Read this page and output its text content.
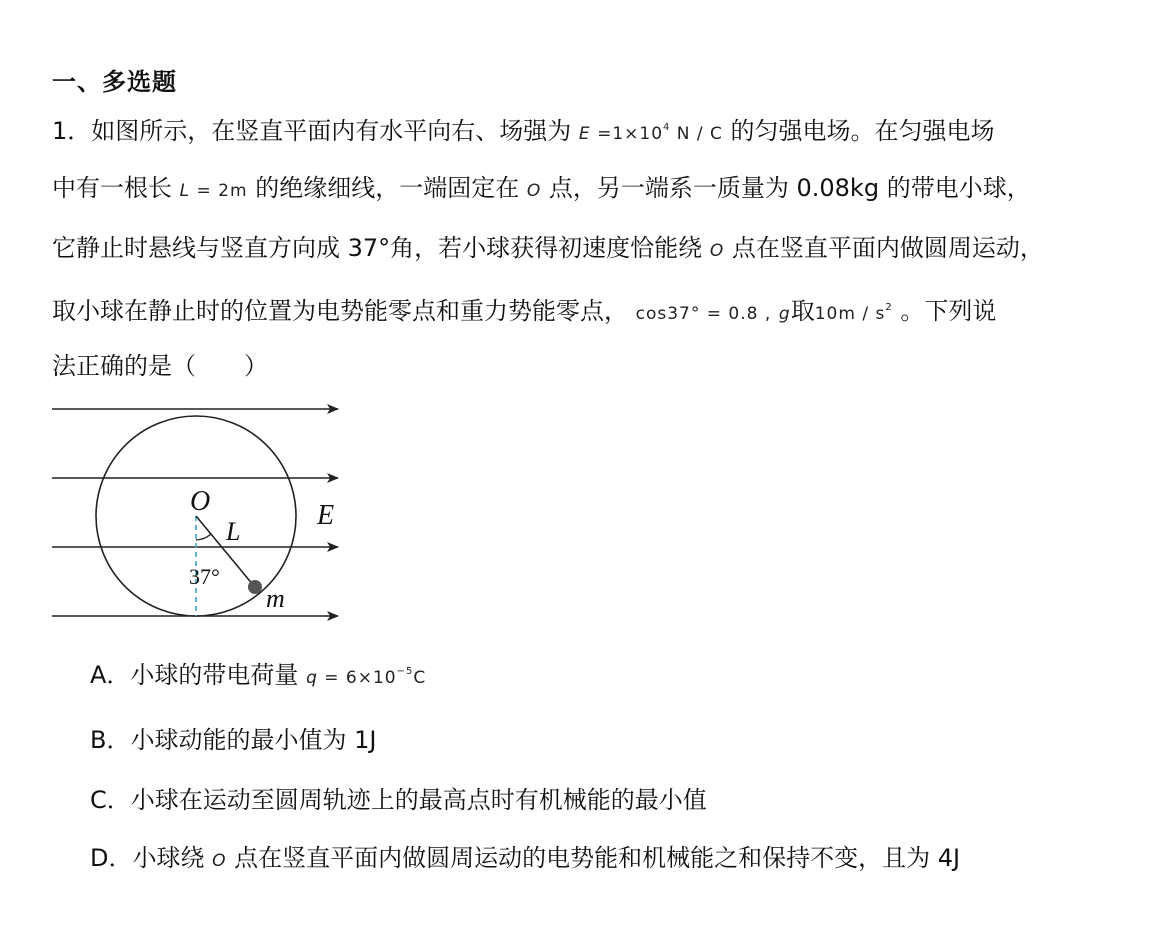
一、多选题
1．如图所示，在竖直平面内有水平向右、场强为 $E =1\times 10^4$ N / C 的匀强电场。在匀强电场
中有一根长 L = 2m 的绝缘细线，一端固定在 O 点，另一端系一质量为 0.08kg 的带电小球，
它静止时悬线与竖直方向成 37°角，若小球获得初速度恰能绕 O 点在竖直平面内做圆周运动，
取小球在静止时的位置为电势能零点和重力势能零点， cos37° = 0.8 , g取$10m / s^2$ 。下列说
法正确的是（　　）
O
L
E
37°
m
A．小球的带电荷量 $q = 6\times 10^{-5}C$
B．小球动能的最小值为 1J
C．小球在运动至圆周轨迹上的最高点时有机械能的最小值
D．小球绕 O 点在竖直平面内做圆周运动的电势能和机械能之和保持不变，且为 4J
